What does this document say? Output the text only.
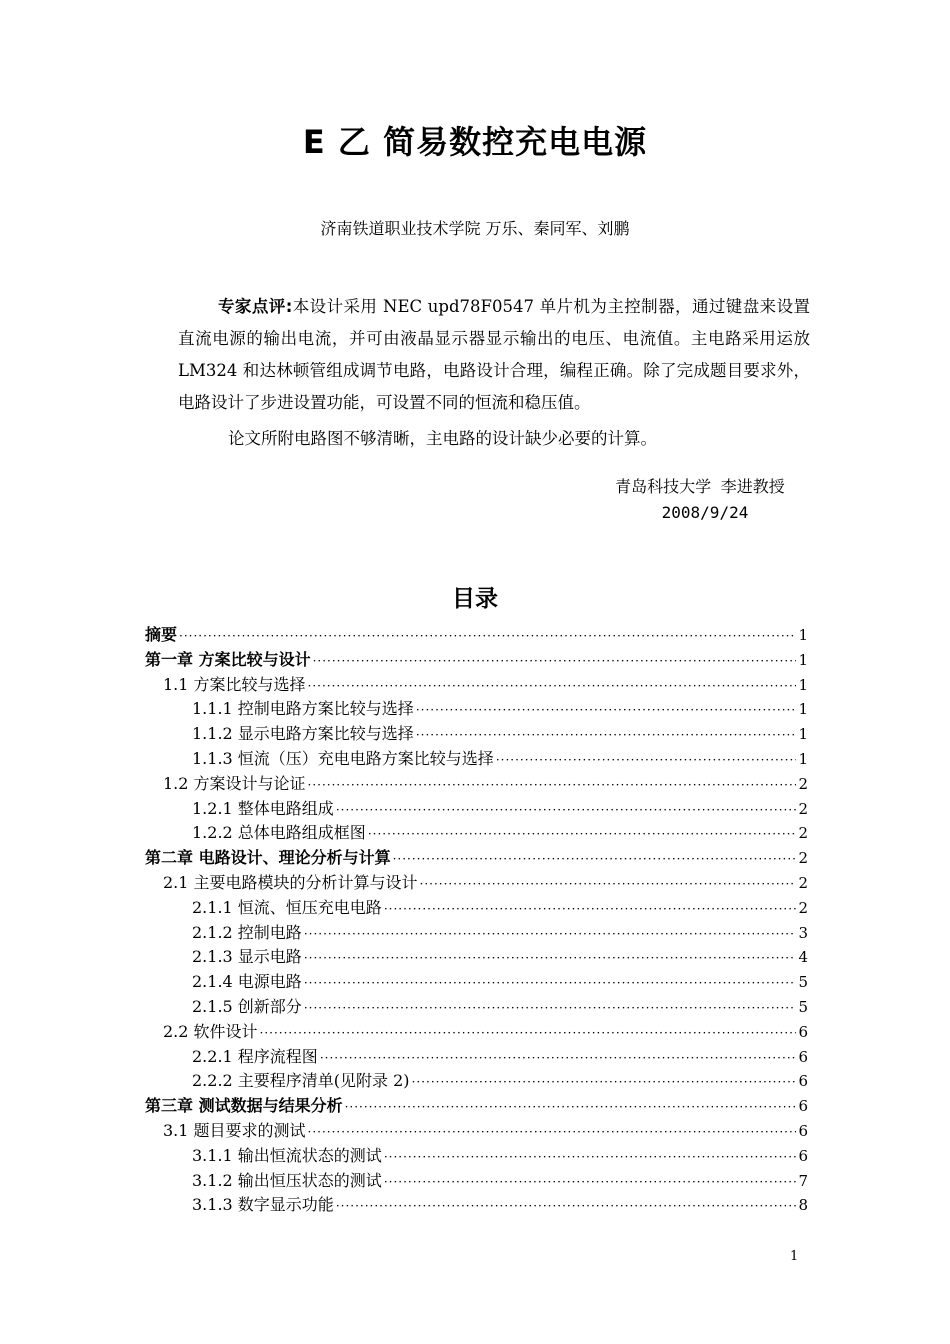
E 乙 简易数控充电电源
济南铁道职业技术学院 万乐、秦同军、刘鹏

专家点评:本设计采用 NEC upd78F0547 单片机为主控制器，通过键盘来设置直流电源的输出电流，并可由液晶显示器显示输出的电压、电流值。主电路采用运放 LM324 和达林顿管组成调节电路，电路设计合理，编程正确。除了完成题目要求外，电路设计了步进设置功能，可设置不同的恒流和稳压值。

论文所附电路图不够清晰，主电路的设计缺少必要的计算。

青岛科技大学 李进教授
2008/9/24
目录
摘要 ·····	1
第一章 方案比较与设计 ·····	1
1.1 方案比较与选择 ·····	1
1.1.1 控制电路方案比较与选择 ·····	1
1.1.2 显示电路方案比较与选择 ·····	1
1.1.3 恒流（压）充电电路方案比较与选择 ·····	1
1.2 方案设计与论证 ·····	2
1.2.1 整体电路组成 ·····	2
1.2.2 总体电路组成框图 ·····	2
第二章 电路设计、理论分析与计算 ·····	2
2.1 主要电路模块的分析计算与设计 ·····	2
2.1.1 恒流、恒压充电电路 ·····	2
2.1.2 控制电路 ·····	3
2.1.3 显示电路 ·····	4
2.1.4 电源电路 ·····	5
2.1.5 创新部分 ·····	5
2.2 软件设计 ·····	6
2.2.1 程序流程图 ·····	6
2.2.2 主要程序清单(见附录 2) ·····	6
第三章 测试数据与结果分析 ·····	6
3.1 题目要求的测试 ·····	6
3.1.1 输出恒流状态的测试 ·····	6
3.1.2 输出恒压状态的测试 ·····	7
3.1.3 数字显示功能 ·····	8
1
